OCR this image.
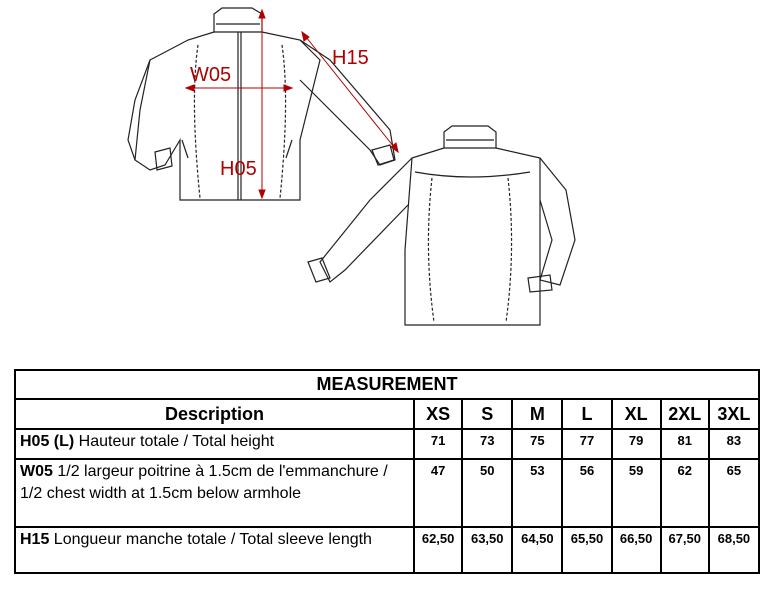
W05
H05
H15
MEASUREMENT							
Description	XS	S	M	L	XL	2XL	3XL
H05 (L) Hauteur totale / Total height	71	73	75	77	79	81	83
W05 1/2 largeur poitrine à 1.5cm de l'emmanchure / 1/2 chest width at 1.5cm below armhole	47	50	53	56	59	62	65
H15 Longueur manche totale / Total sleeve length	62,50	63,50	64,50	65,50	66,50	67,50	68,50
